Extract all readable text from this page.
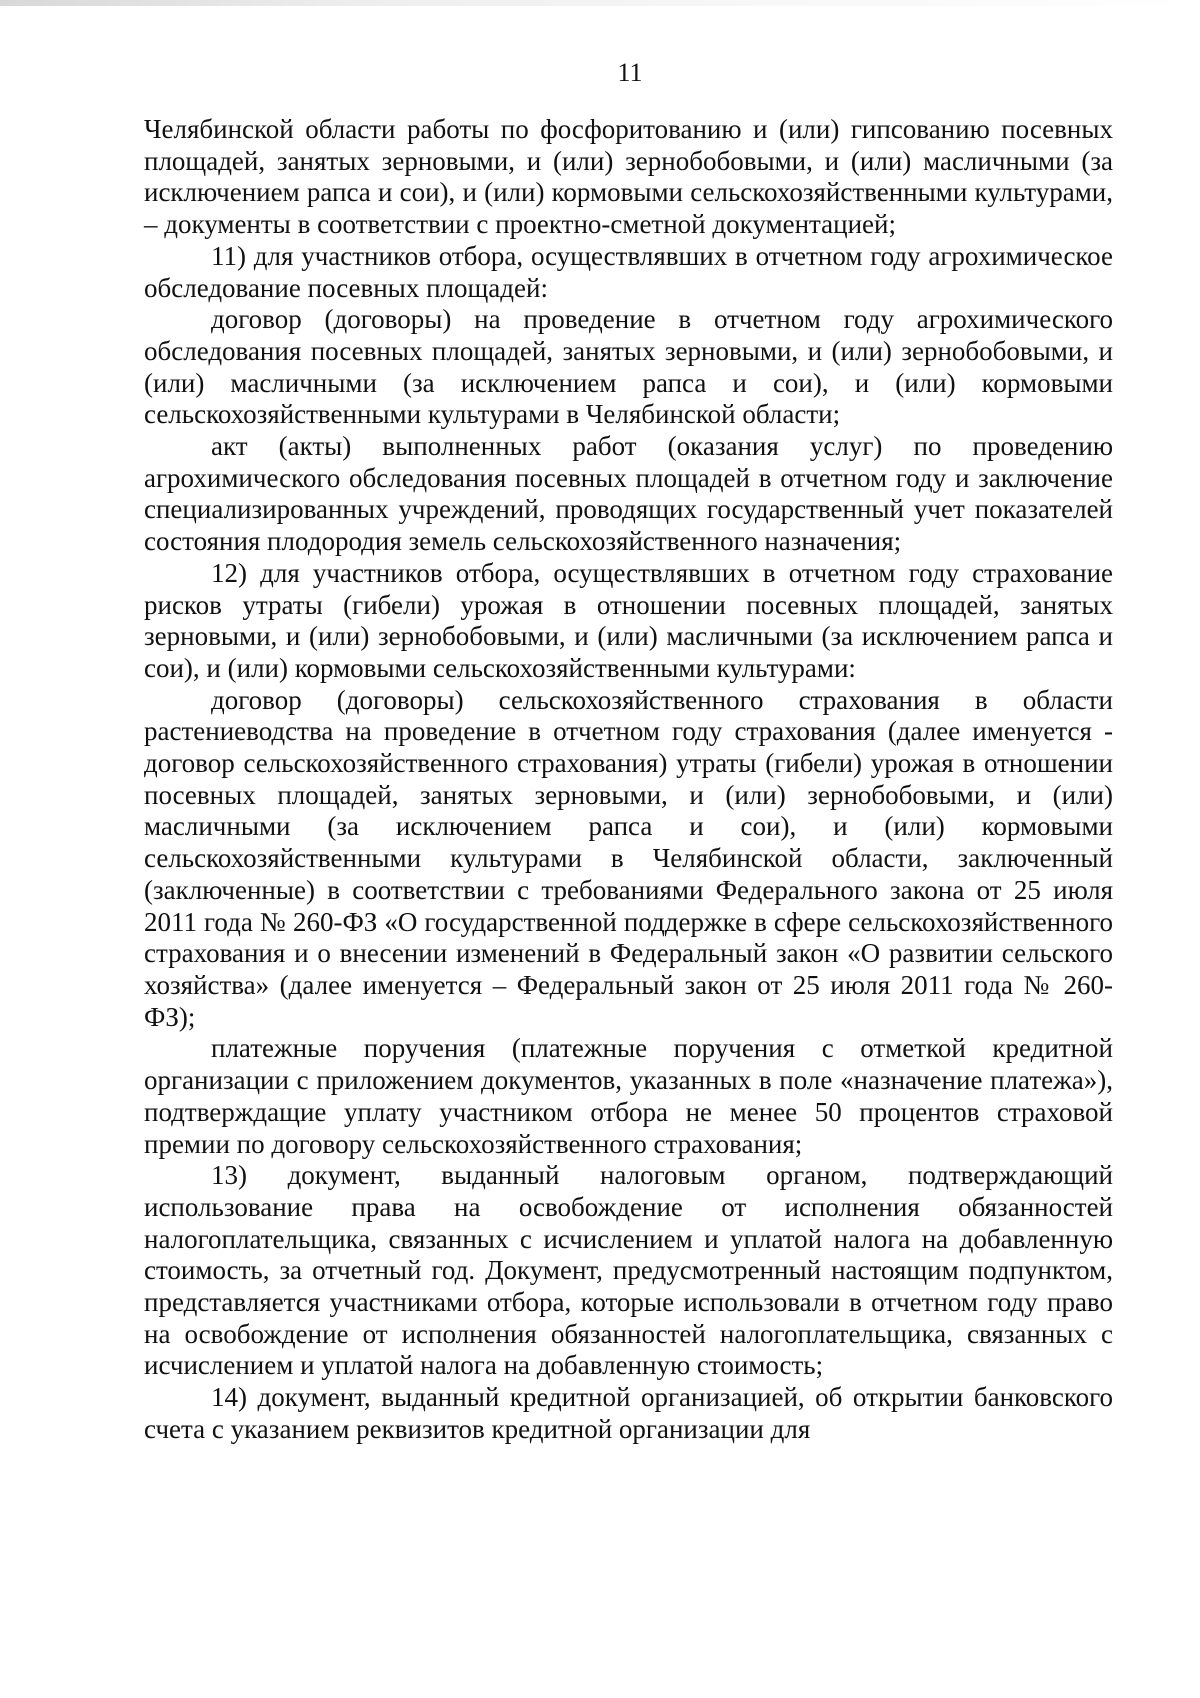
11

Челябинской области работы по фосфоритованию и (или) гипсованию посевных площадей, занятых зерновыми, и (или) зернобобовыми, и (или) масличными (за исключением рапса и сои), и (или) кормовыми сельскохозяйственными культурами, – документы в соответствии с проектно-сметной документацией;

11) для участников отбора, осуществлявших в отчетном году агрохимическое обследование посевных площадей:

договор (договоры) на проведение в отчетном году агрохимического обследования посевных площадей, занятых зерновыми, и (или) зернобобовыми, и (или) масличными (за исключением рапса и сои), и (или) кормовыми сельскохозяйственными культурами в Челябинской области;

акт (акты) выполненных работ (оказания услуг) по проведению агрохимического обследования посевных площадей в отчетном году и заключение специализированных учреждений, проводящих государственный учет показателей состояния плодородия земель сельскохозяйственного назначения;

12) для участников отбора, осуществлявших в отчетном году страхование рисков утраты (гибели) урожая в отношении посевных площадей, занятых зерновыми, и (или) зернобобовыми, и (или) масличными (за исключением рапса и сои), и (или) кормовыми сельскохозяйственными культурами:

договор (договоры) сельскохозяйственного страхования в области растениеводства на проведение в отчетном году страхования (далее именуется - договор сельскохозяйственного страхования) утраты (гибели) урожая в отношении посевных площадей, занятых зерновыми, и (или) зернобобовыми, и (или) масличными (за исключением рапса и сои), и (или) кормовыми сельскохозяйственными культурами в Челябинской области, заключенный (заключенные) в соответствии с требованиями Федерального закона от 25 июля 2011 года № 260-ФЗ «О государственной поддержке в сфере сельскохозяйственного страхования и о внесении изменений в Федеральный закон «О развитии сельского хозяйства» (далее именуется – Федеральный закон от 25 июля 2011 года № 260-ФЗ);

платежные поручения (платежные поручения с отметкой кредитной организации с приложением документов, указанных в поле «назначение платежа»), подтверждащие уплату участником отбора не менее 50 процентов страховой премии по договору сельскохозяйственного страхования;

13) документ, выданный налоговым органом, подтверждающий использование права на освобождение от исполнения обязанностей налогоплательщика, связанных с исчислением и уплатой налога на добавленную стоимость, за отчетный год. Документ, предусмотренный настоящим подпунктом, представляется участниками отбора, которые использовали в отчетном году право на освобождение от исполнения обязанностей налогоплательщика, связанных с исчислением и уплатой налога на добавленную стоимость;

14) документ, выданный кредитной организацией, об открытии банковского счета с указанием реквизитов кредитной организации для
